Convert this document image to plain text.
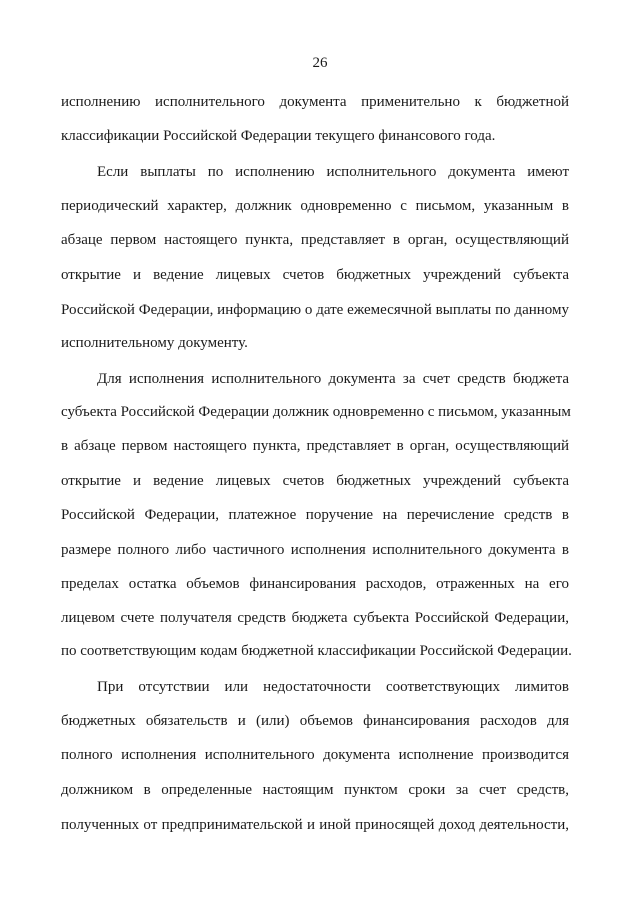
26
исполнению исполнительного документа применительно к бюджетной
классификации Российской Федерации текущего финансового года.
Если выплаты по исполнению исполнительного документа имеют
периодический характер, должник одновременно с письмом, указанным в
абзаце первом настоящего пункта, представляет в орган, осуществляющий
открытие и ведение лицевых счетов бюджетных учреждений субъекта
Российской Федерации, информацию о дате ежемесячной выплаты по данному
исполнительному документу.
Для исполнения исполнительного документа за счет средств бюджета
субъекта Российской Федерации должник одновременно с письмом, указанным
в абзаце первом настоящего пункта, представляет в орган, осуществляющий
открытие и ведение лицевых счетов бюджетных учреждений субъекта
Российской Федерации, платежное поручение на перечисление средств в
размере полного либо частичного исполнения исполнительного документа в
пределах остатка объемов финансирования расходов, отраженных на его
лицевом счете получателя средств бюджета субъекта Российской Федерации,
по соответствующим кодам бюджетной классификации Российской Федерации.
При отсутствии или недостаточности соответствующих лимитов
бюджетных обязательств и (или) объемов финансирования расходов для
полного исполнения исполнительного документа исполнение производится
должником в определенные настоящим пунктом сроки за счет средств,
полученных от предпринимательской и иной приносящей доход деятельности,
